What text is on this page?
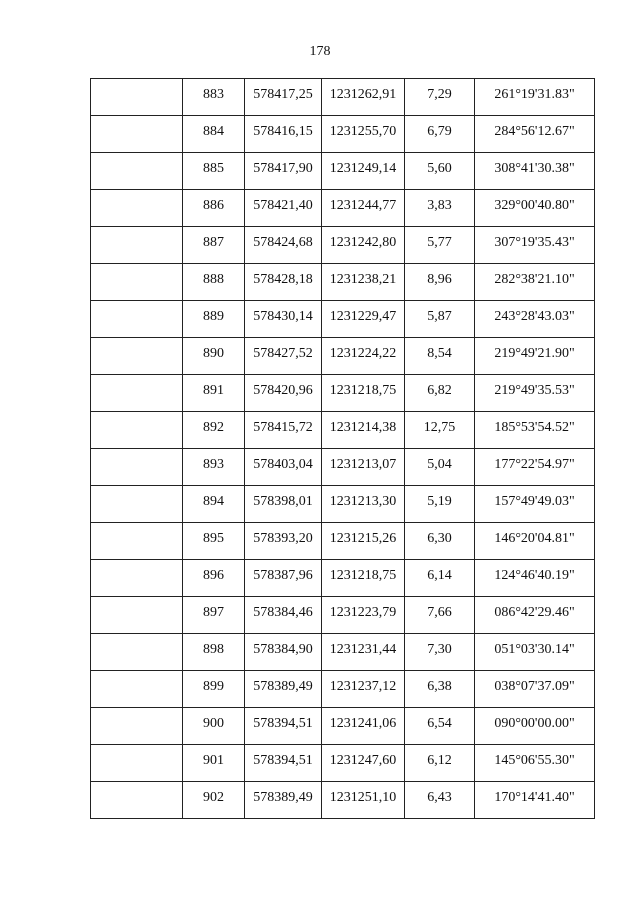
178

	883	578417,25	1231262,91	7,29	261°19'31.83"

	884	578416,15	1231255,70	6,79	284°56'12.67"

	885	578417,90	1231249,14	5,60	308°41'30.38"

	886	578421,40	1231244,77	3,83	329°00'40.80"

	887	578424,68	1231242,80	5,77	307°19'35.43"

	888	578428,18	1231238,21	8,96	282°38'21.10"

	889	578430,14	1231229,47	5,87	243°28'43.03"

	890	578427,52	1231224,22	8,54	219°49'21.90"

	891	578420,96	1231218,75	6,82	219°49'35.53"

	892	578415,72	1231214,38	12,75	185°53'54.52"

	893	578403,04	1231213,07	5,04	177°22'54.97"

	894	578398,01	1231213,30	5,19	157°49'49.03"

	895	578393,20	1231215,26	6,30	146°20'04.81"

	896	578387,96	1231218,75	6,14	124°46'40.19"

	897	578384,46	1231223,79	7,66	086°42'29.46"

	898	578384,90	1231231,44	7,30	051°03'30.14"

	899	578389,49	1231237,12	6,38	038°07'37.09"

	900	578394,51	1231241,06	6,54	090°00'00.00"

	901	578394,51	1231247,60	6,12	145°06'55.30"

	902	578389,49	1231251,10	6,43	170°14'41.40"
